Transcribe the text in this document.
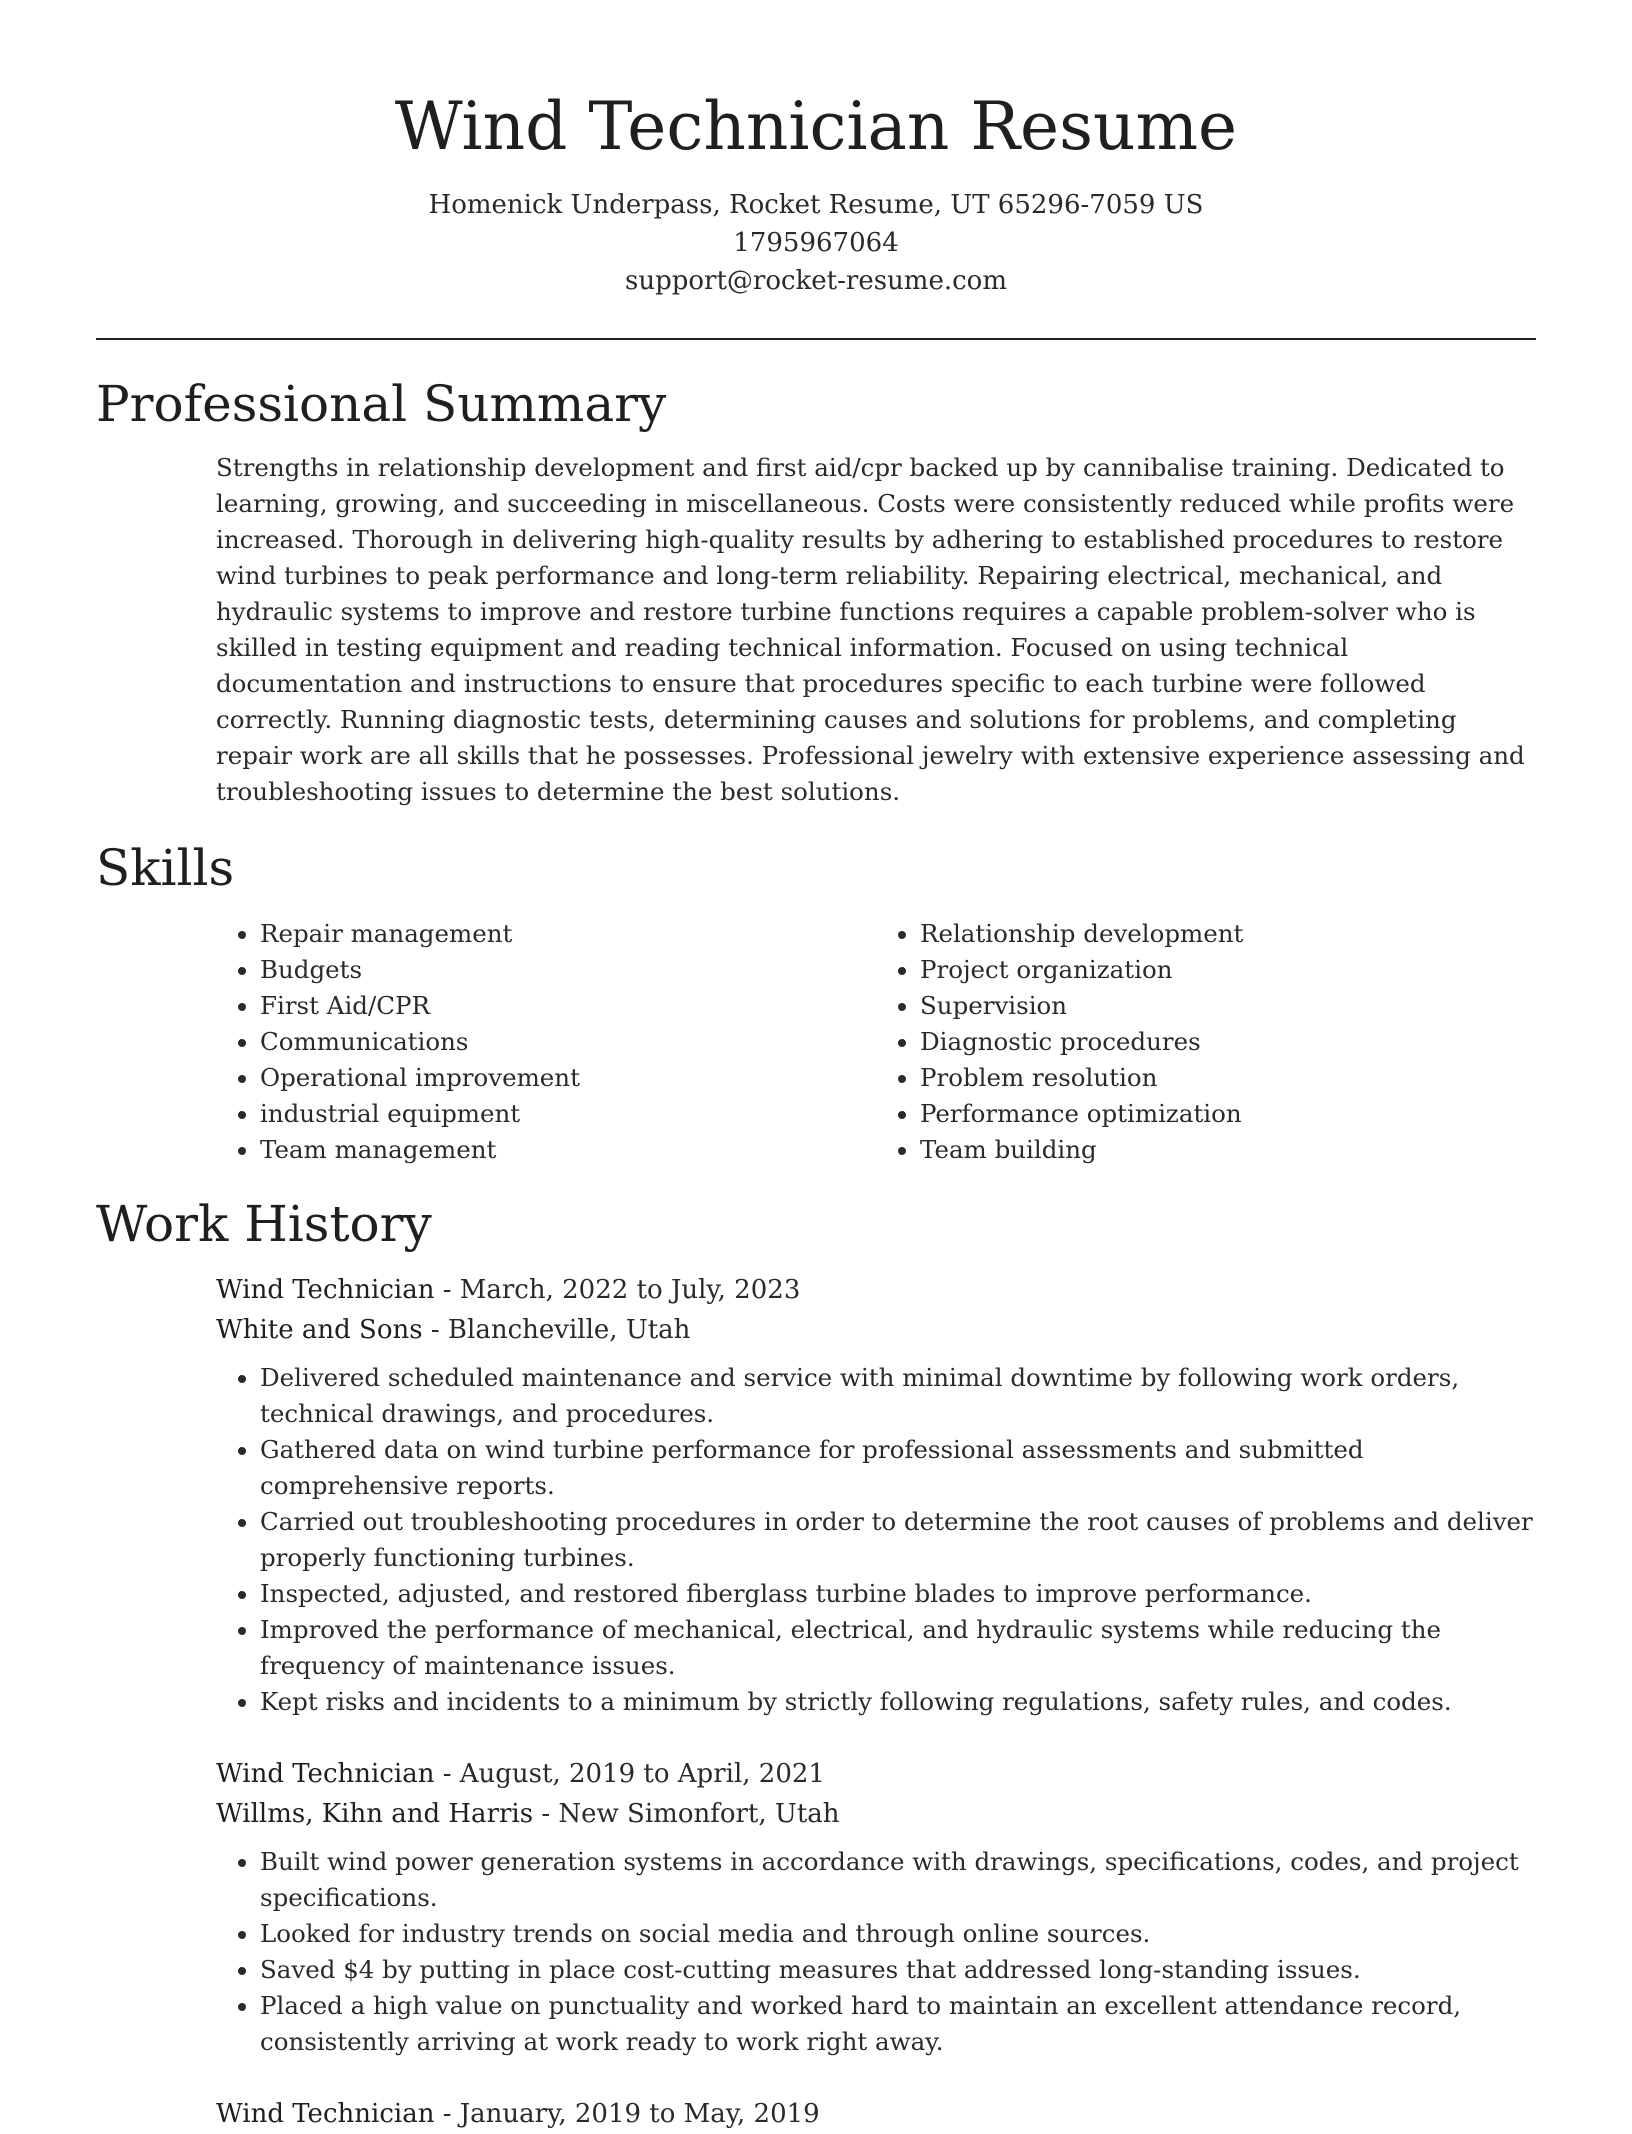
Wind Technician Resume
Homenick Underpass, Rocket Resume, UT 65296-7059 US
1795967064
support@rocket-resume.com
Professional Summary

Strengths in relationship development and first aid/cpr backed up by cannibalise training. Dedicated to learning, growing, and succeeding in miscellaneous. Costs were consistently reduced while profits were increased. Thorough in delivering high-quality results by adhering to established procedures to restore wind turbines to peak performance and long-term reliability. Repairing electrical, mechanical, and hydraulic systems to improve and restore turbine functions requires a capable problem-solver who is skilled in testing equipment and reading technical information. Focused on using technical documentation and instructions to ensure that procedures specific to each turbine were followed correctly. Running diagnostic tests, determining causes and solutions for problems, and completing repair work are all skills that he possesses. Professional jewelry with extensive experience assessing and troubleshooting issues to determine the best solutions.

Skills
• Repair management
• Budgets
• First Aid/CPR
• Communications
• Operational improvement
• industrial equipment
• Team management
• Relationship development
• Project organization
• Supervision
• Diagnostic procedures
• Problem resolution
• Performance optimization
• Team building
Work History
Wind Technician - March, 2022 to July, 2023
White and Sons - Blancheville, Utah
• Delivered scheduled maintenance and service with minimal downtime by following work orders, technical drawings, and procedures.
• Gathered data on wind turbine performance for professional assessments and submitted comprehensive reports.
• Carried out troubleshooting procedures in order to determine the root causes of problems and deliver properly functioning turbines.
• Inspected, adjusted, and restored fiberglass turbine blades to improve performance.
• Improved the performance of mechanical, electrical, and hydraulic systems while reducing the frequency of maintenance issues.
• Kept risks and incidents to a minimum by strictly following regulations, safety rules, and codes.
Wind Technician - August, 2019 to April, 2021
Willms, Kihn and Harris - New Simonfort, Utah
• Built wind power generation systems in accordance with drawings, specifications, codes, and project specifications.
• Looked for industry trends on social media and through online sources.
• Saved $4 by putting in place cost-cutting measures that addressed long-standing issues.
• Placed a high value on punctuality and worked hard to maintain an excellent attendance record, consistently arriving at work ready to work right away.
Wind Technician - January, 2019 to May, 2019
